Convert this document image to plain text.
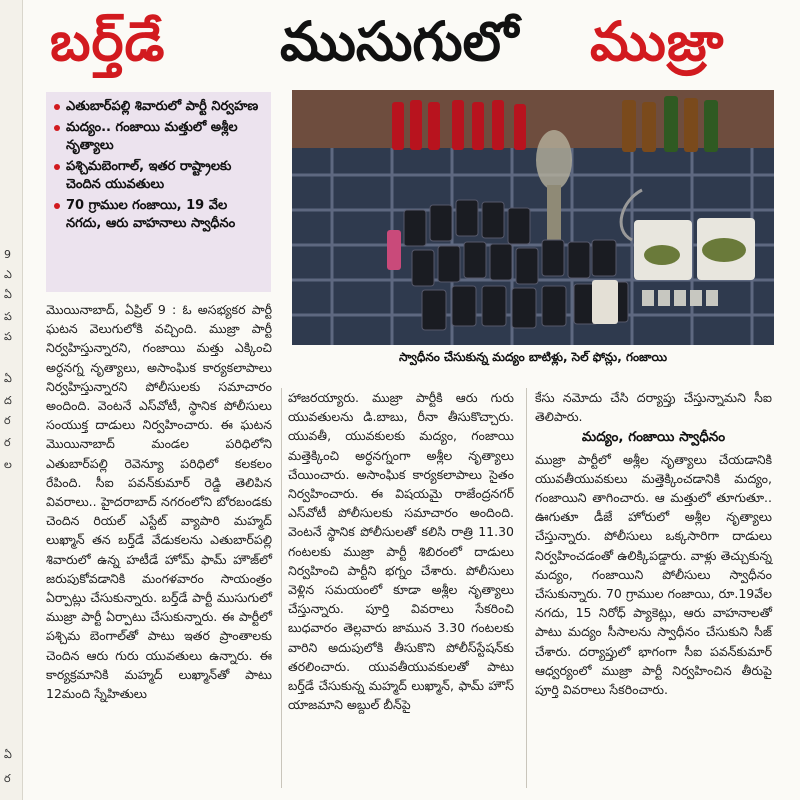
9
ఎ
ఏ
ప
ప
ఏ
ద
ర
ర
ల
ఏ
ర
బర్త్‌డే ముసుగులో ముజ్రా
ఎతుబార్‌పల్లి శివారులో పార్టీ నిర్వహణ
మద్యం.. గంజాయి మత్తులో అశ్లీల నృత్యాలు
పశ్చిమబెంగాల్, ఇతర రాష్ట్రాలకు చెందిన యువతులు
70 గ్రాముల గంజాయి, 19 వేల నగదు, ఆరు వాహనాలు స్వాధీనం
స్వాధీనం చేసుకున్న మద్యం బాటిళ్లు, సెల్ ఫోన్లు, గంజాయి
మొయినాబాద్, ఏప్రిల్ 9 : ఓ అసభ్యకర పార్టీ ఘటన వెలుగులోకి వచ్చింది. ముజ్రా పార్టీ నిర్వహిస్తున్నారని, గంజాయి మత్తు ఎక్కించి అర్ధనగ్న నృత్యాలు, అసాంఘిక కార్యకలాపాలు నిర్వహిస్తున్నారని పోలీసులకు సమాచారం అందింది. వెంటనే ఎస్‌వోటీ, స్థానిక పోలీసులు సంయుక్త దాడులు నిర్వహించారు. ఈ ఘటన మొయినాబాద్ మండల పరిధిలోని ఎతుబార్‌పల్లి రెవెన్యూ పరిధిలో కలకలం రేపింది. సీఐ పవన్‌కుమార్ రెడ్డి తెలిపిన వివరాలు.. హైదరాబాద్ నగరంలోని బోరబండకు చెందిన రియల్ ఎస్టేట్ వ్యాపారి మహ్మద్ లుఖ్మాన్ తన బర్త్‌డే వేడుకలను ఎతుబార్‌పల్లి శివారులో ఉన్న హటీడే హోమ్ ఫామ్ హౌజ్‌లో జరుపుకోవడానికి మంగళవారం సాయంత్రం ఏర్పాట్లు చేసుకున్నారు. బర్త్‌డే పార్టీ ముసుగులో ముజ్రా పార్టీ ఏర్పాటు చేసుకున్నారు. ఈ పార్టీలో పశ్చిమ బెంగాల్‌తో పాటు ఇతర ప్రాంతాలకు చెందిన ఆరు గురు యువతులు ఉన్నారు. ఈ కార్యక్రమానికి మహ్మద్ లుఖ్మాన్‌తో పాటు 12మంది స్నేహితులు
హాజరయ్యారు. ముజ్రా పార్టీకి ఆరు గురు యువతులను డి.బాబు, రీనా తీసుకొచ్చారు. యువతీ, యువకులకు మద్యం, గంజాయి మత్తెక్కించి అర్ధనగ్నంగా అశ్లీల నృత్యాలు చేయించారు. అసాంఘిక కార్యకలాపాలు సైతం నిర్వహించారు. ఈ విషయమై రాజేంద్రనగర్ ఎస్‌వోటీ పోలీసులకు సమాచారం అందింది. వెంటనే స్థానిక పోలీసులతో కలిసి రాత్రి 11.30 గంటలకు ముజ్రా పార్టీ శిబిరంలో దాడులు నిర్వహించి పార్టీని భగ్నం చేశారు. పోలీసులు వెళ్లిన సమయంలో కూడా అశ్లీల నృత్యాలు చేస్తున్నారు. పూర్తి వివరాలు సేకరించి బుధవారం తెల్లవారు జామున 3.30 గంటలకు వారిని అదుపులోకి తీసుకొని పోలీస్‌స్టేషన్‌కు తరలించారు. యువతీయువకులతో పాటు బర్త్‌డే చేసుకున్న మహ్మద్ లుఖ్మాన్, ఫామ్ హౌస్ యాజమాని అబ్దుల్ బీన్‌పై
కేసు నమోదు చేసి దర్యాప్తు చేస్తున్నామని సీఐ తెలిపారు.
మద్యం, గంజాయి స్వాధీనం
ముజ్రా పార్టీలో అశ్లీల నృత్యాలు చేయడానికి యువతీయువకులు మత్తెక్కించడానికి మద్యం, గంజాయిని తాగించారు. ఆ మత్తులో తూగుతూ.. ఊగుతూ డీజే హోరులో అశ్లీల నృత్యాలు చేస్తున్నారు. పోలీసులు ఒక్కసారిగా దాడులు నిర్వహించడంతో ఉలిక్కిపడ్డారు. వాళ్లు తెచ్చుకున్న మద్యం, గంజాయిని పోలీసులు స్వాధీనం చేసుకున్నారు. 70 గ్రాముల గంజాయి, రూ.19వేల నగదు, 15 నిరోధ్ ప్యాకెట్లు, ఆరు వాహనాలతో పాటు మద్యం సీసాలను స్వాధీనం చేసుకుని సీజ్ చేశారు. దర్యాప్తులో భాగంగా సీఐ పవన్‌కుమార్ ఆధ్వర్యంలో ముజ్రా పార్టీ నిర్వహించిన తీరుపై పూర్తి వివరాలు సేకరించారు.
